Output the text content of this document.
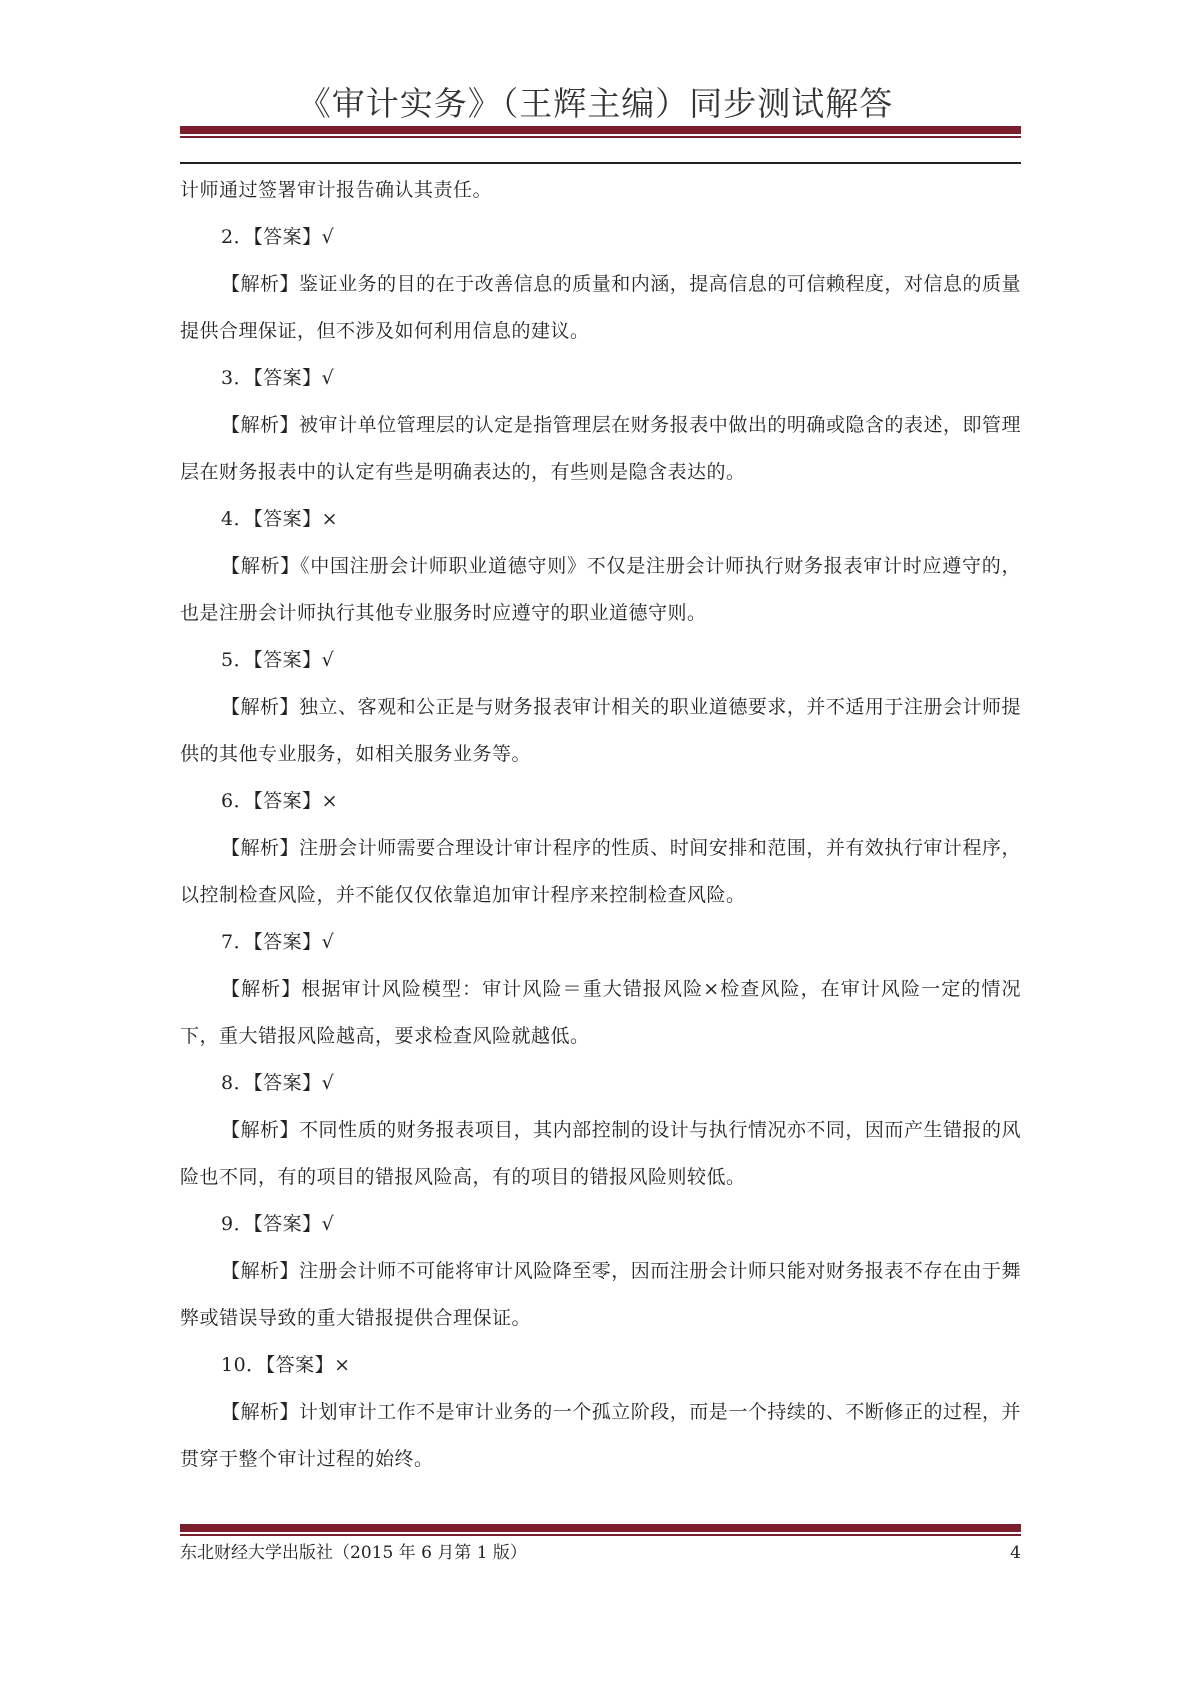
《审计实务》（王辉主编）同步测试解答

计师通过签署审计报告确认其责任。

2．【答案】√

【解析】鉴证业务的目的在于改善信息的质量和内涵，提高信息的可信赖程度，对信息的质量提供合理保证，但不涉及如何利用信息的建议。

3．【答案】√

【解析】被审计单位管理层的认定是指管理层在财务报表中做出的明确或隐含的表述，即管理层在财务报表中的认定有些是明确表达的，有些则是隐含表达的。

4．【答案】×

【解析】《中国注册会计师职业道德守则》不仅是注册会计师执行财务报表审计时应遵守的，也是注册会计师执行其他专业服务时应遵守的职业道德守则。

5．【答案】√

【解析】独立、客观和公正是与财务报表审计相关的职业道德要求，并不适用于注册会计师提供的其他专业服务，如相关服务业务等。

6．【答案】×

【解析】注册会计师需要合理设计审计程序的性质、时间安排和范围，并有效执行审计程序，以控制检查风险，并不能仅仅依靠追加审计程序来控制检查风险。

7．【答案】√

【解析】根据审计风险模型：审计风险＝重大错报风险×检查风险，在审计风险一定的情况下，重大错报风险越高，要求检查风险就越低。

8．【答案】√

【解析】不同性质的财务报表项目，其内部控制的设计与执行情况亦不同，因而产生错报的风险也不同，有的项目的错报风险高，有的项目的错报风险则较低。

9．【答案】√

【解析】注册会计师不可能将审计风险降至零，因而注册会计师只能对财务报表不存在由于舞弊或错误导致的重大错报提供合理保证。

10．【答案】×

【解析】计划审计工作不是审计业务的一个孤立阶段，而是一个持续的、不断修正的过程，并贯穿于整个审计过程的始终。

东北财经大学出版社（2015 年 6 月第 1 版）	4
